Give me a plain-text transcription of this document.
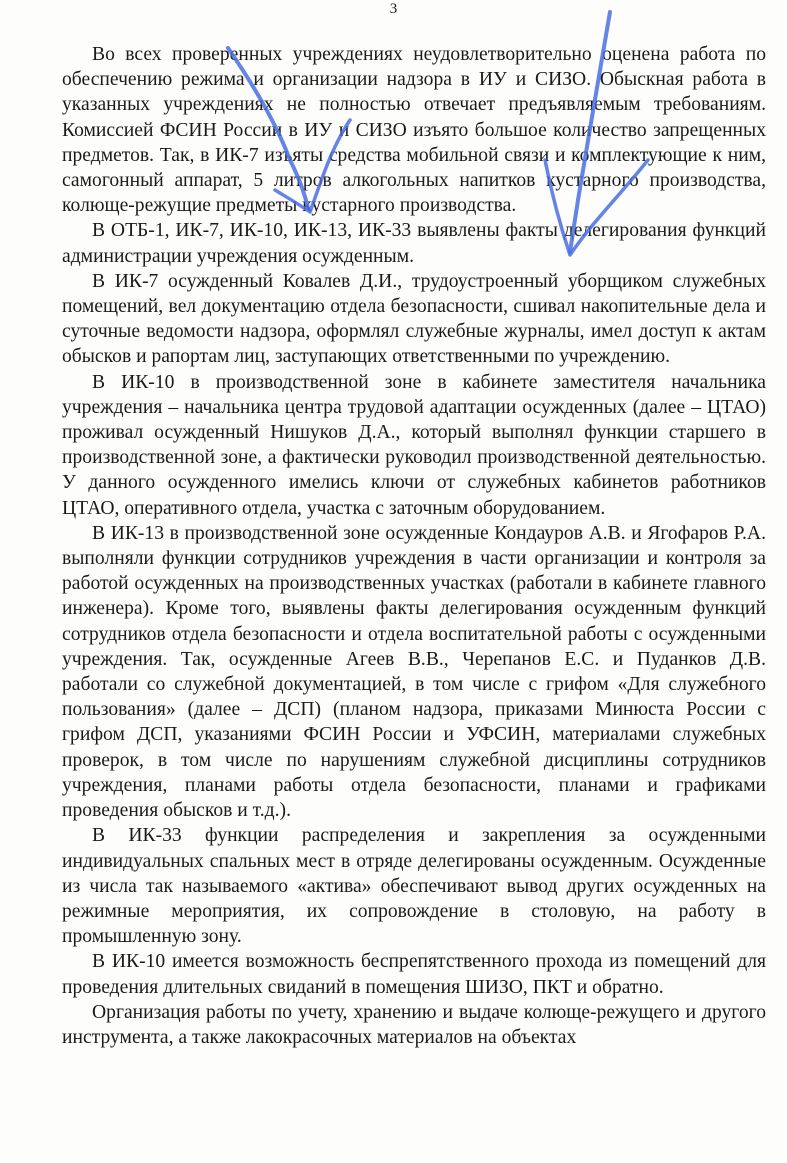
3

Во всех проверенных учреждениях неудовлетворительно оценена работа по обеспечению режима и организации надзора в ИУ и СИЗО. Обыскная работа в указанных учреждениях не полностью отвечает предъявляемым требованиям. Комиссией ФСИН России в ИУ и СИЗО изъято большое количество запрещенных предметов. Так, в ИК-7 изъяты средства мобильной связи и комплектующие к ним, самогонный аппарат, 5 литров алкогольных напитков кустарного производства, колюще-режущие предметы кустарного производства.

В ОТБ-1, ИК-7, ИК-10, ИК-13, ИК-33 выявлены факты делегирования функций администрации учреждения осужденным.

В ИК-7 осужденный Ковалев Д.И., трудоустроенный уборщиком служебных помещений, вел документацию отдела безопасности, сшивал накопительные дела и суточные ведомости надзора, оформлял служебные журналы, имел доступ к актам обысков и рапортам лиц, заступающих ответственными по учреждению.

В ИК-10 в производственной зоне в кабинете заместителя начальника учреждения – начальника центра трудовой адаптации осужденных (далее – ЦТАО) проживал осужденный Нишуков Д.А., который выполнял функции старшего в производственной зоне, а фактически руководил производственной деятельностью. У данного осужденного имелись ключи от служебных кабинетов работников ЦТАО, оперативного отдела, участка с заточным оборудованием.

В ИК-13 в производственной зоне осужденные Кондауров А.В. и Ягофаров Р.А. выполняли функции сотрудников учреждения в части организации и контроля за работой осужденных на производственных участках (работали в кабинете главного инженера). Кроме того, выявлены факты делегирования осужденным функций сотрудников отдела безопасности и отдела воспитательной работы с осужденными учреждения. Так, осужденные Агеев В.В., Черепанов Е.С. и Пуданков Д.В. работали со служебной документацией, в том числе с грифом «Для служебного пользования» (далее – ДСП) (планом надзора, приказами Минюста России с грифом ДСП, указаниями ФСИН России и УФСИН, материалами служебных проверок, в том числе по нарушениям служебной дисциплины сотрудников учреждения, планами работы отдела безопасности, планами и графиками проведения обысков и т.д.).

В ИК-33 функции распределения и закрепления за осужденными индивидуальных спальных мест в отряде делегированы осужденным. Осужденные из числа так называемого «актива» обеспечивают вывод других осужденных на режимные мероприятия, их сопровождение в столовую, на работу в промышленную зону.

В ИК-10 имеется возможность беспрепятственного прохода из помещений для проведения длительных свиданий в помещения ШИЗО, ПКТ и обратно.

Организация работы по учету, хранению и выдаче колюще-режущего и другого инструмента, а также лакокрасочных материалов на объектах
